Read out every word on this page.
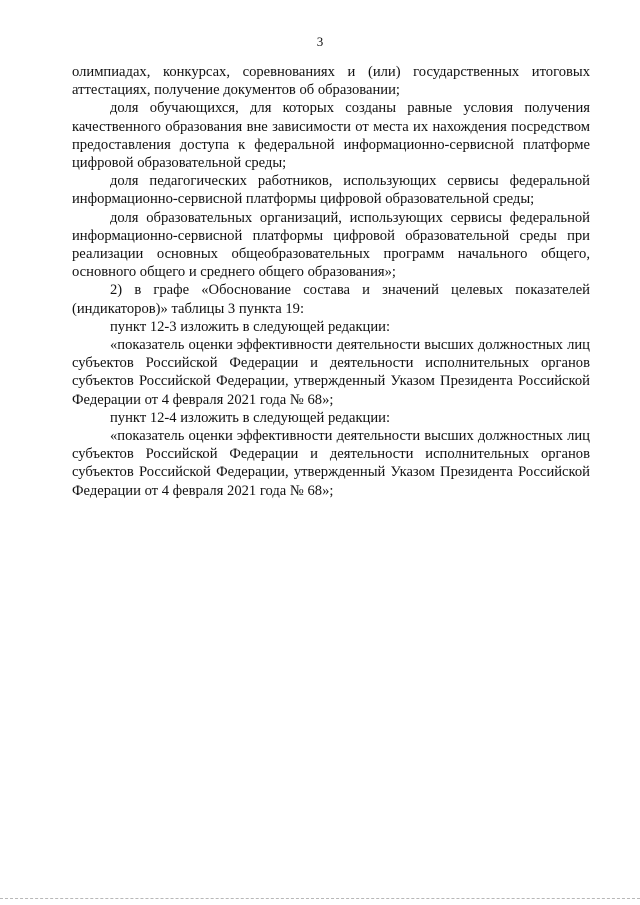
3

олимпиадах, конкурсах, соревнованиях и (или) государственных итоговых аттестациях, получение документов об образовании;

доля обучающихся, для которых созданы равные условия получения качественного образования вне зависимости от места их нахождения посредством предоставления доступа к федеральной информационно-сервисной платформе цифровой образовательной среды;

доля педагогических работников, использующих сервисы федеральной информационно-сервисной платформы цифровой образовательной среды;

доля образовательных организаций, использующих сервисы федеральной информационно-сервисной платформы цифровой образовательной среды при реализации основных общеобразовательных программ начального общего, основного общего и среднего общего образования»;

2) в графе «Обоснование состава и значений целевых показателей (индикаторов)» таблицы 3 пункта 19:

пункт 12-3 изложить в следующей редакции:

«показатель оценки эффективности деятельности высших должностных лиц субъектов Российской Федерации и деятельности исполнительных органов субъектов Российской Федерации, утвержденный Указом Президента Российской Федерации от 4 февраля 2021 года № 68»;

пункт 12-4 изложить в следующей редакции:

«показатель оценки эффективности деятельности высших должностных лиц субъектов Российской Федерации и деятельности исполнительных органов субъектов Российской Федерации, утвержденный Указом Президента Российской Федерации от 4 февраля 2021 года № 68»;
